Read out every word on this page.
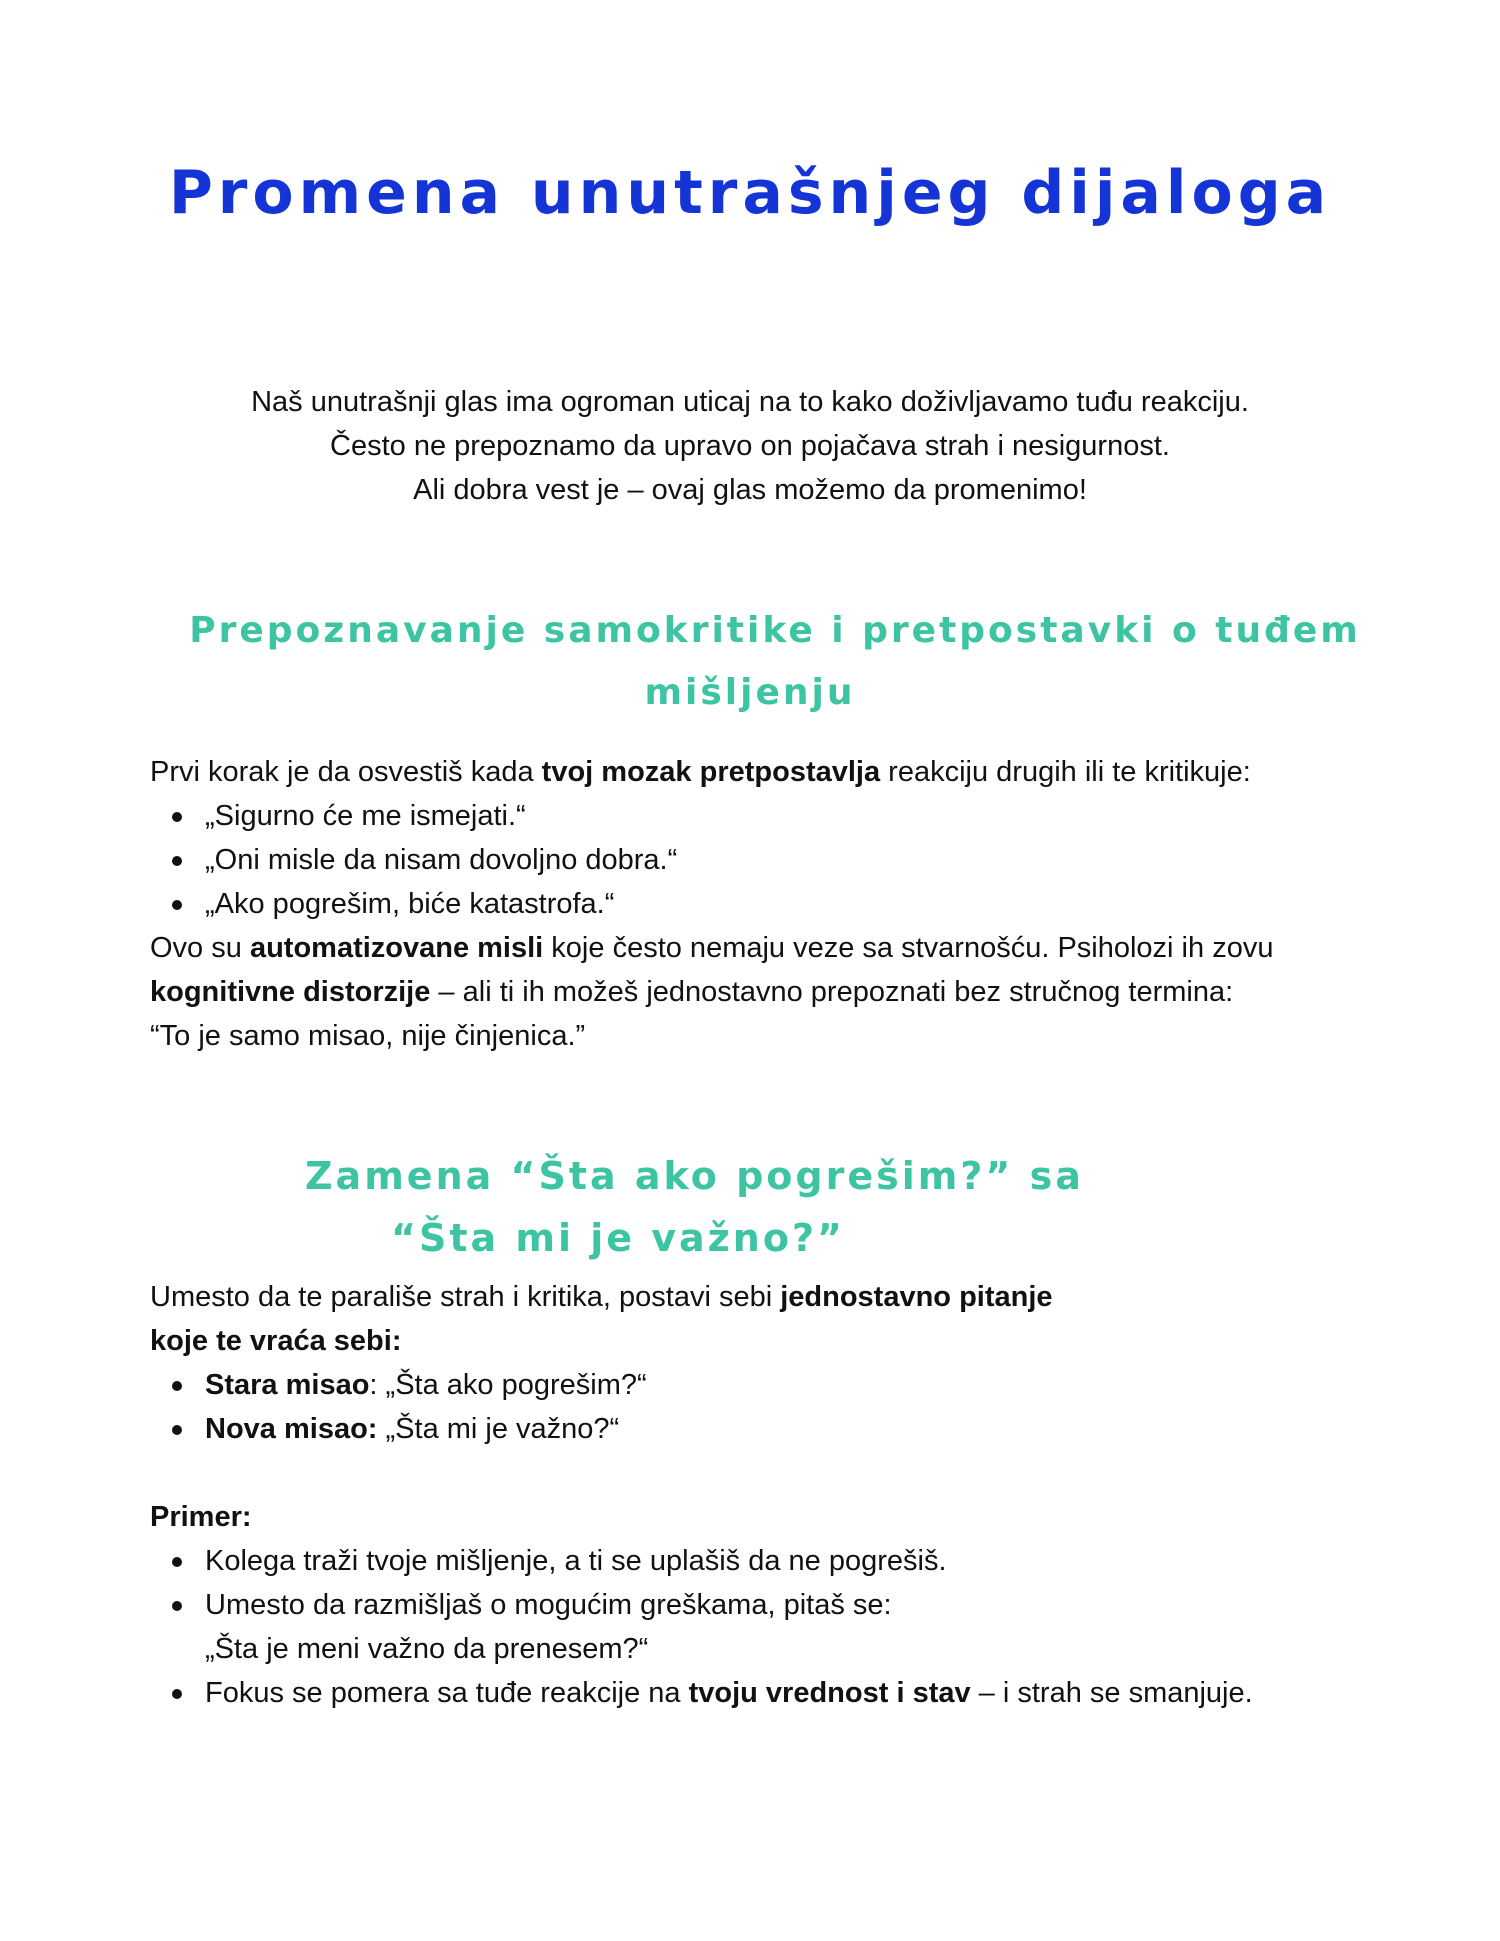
Promena unutrašnjeg dijaloga

Naš unutrašnji glas ima ogroman uticaj na to kako doživljavamo tuđu reakciju.

Često ne prepoznamo da upravo on pojačava strah i nesigurnost.

Ali dobra vest je – ovaj glas možemo da promenimo!

Prepoznavanje samokritike i pretpostavki o tuđem
mišljenju

Prvi korak je da osvestiš kada tvoj mozak pretpostavlja reakciju drugih ili te kritikuje:

„Sigurno će me ismejati.“
„Oni misle da nisam dovoljno dobra.“
„Ako pogrešim, biće katastrofa.“

Ovo su automatizovane misli koje često nemaju veze sa stvarnošću. Psiholozi ih zovu
kognitivne distorzije – ali ti ih možeš jednostavno prepoznati bez stručnog termina:
“To je samo misao, nije činjenica.”

Zamena “Šta ako pogrešim?” sa
“Šta mi je važno?”

Umesto da te parališe strah i kritika, postavi sebi jednostavno pitanje
koje te vraća sebi:

Stara misao: „Šta ako pogrešim?“
Nova misao: „Šta mi je važno?“

Primer:

Kolega traži tvoje mišljenje, a ti se uplašiš da ne pogrešiš.
Umesto da razmišljaš o mogućim greškama, pitaš se:
„Šta je meni važno da prenesem?“
Fokus se pomera sa tuđe reakcije na tvoju vrednost i stav – i strah se smanjuje.
